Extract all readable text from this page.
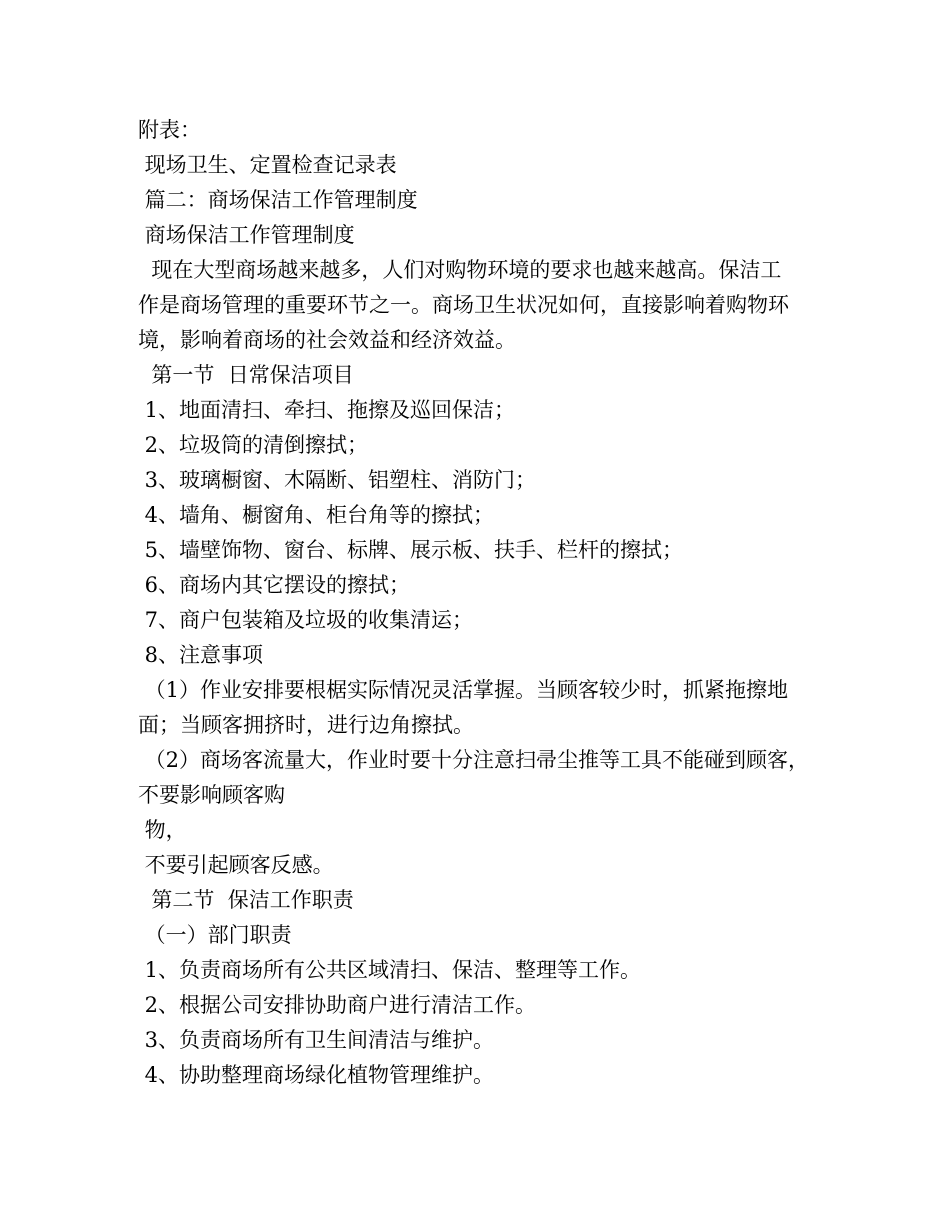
附表：
现场卫生、定置检查记录表
篇二：商场保洁工作管理制度
商场保洁工作管理制度
现在大型商场越来越多，人们对购物环境的要求也越来越高。保洁工
作是商场管理的重要环节之一。商场卫生状况如何，直接影响着购物环
境，影响着商场的社会效益和经济效益。
第一节  日常保洁项目
1、地面清扫、牵扫、拖擦及巡回保洁；
2、垃圾筒的清倒擦拭；
3、玻璃橱窗、木隔断、铝塑柱、消防门；
4、墙角、橱窗角、柜台角等的擦拭；
5、墙壁饰物、窗台、标牌、展示板、扶手、栏杆的擦拭；
6、商场内其它摆设的擦拭；
7、商户包装箱及垃圾的收集清运；
8、注意事项
（1）作业安排要根椐实际情况灵活掌握。当顾客较少时，抓紧拖擦地
面；当顾客拥挤时，进行边角擦拭。
（2）商场客流量大，作业时要十分注意扫帚尘推等工具不能碰到顾客，
不要影响顾客购
物，
不要引起顾客反感。
第二节  保洁工作职责
（一）部门职责
1、负责商场所有公共区域清扫、保洁、整理等工作。
2、根据公司安排协助商户进行清洁工作。
3、负责商场所有卫生间清洁与维护。
4、协助整理商场绿化植物管理维护。
